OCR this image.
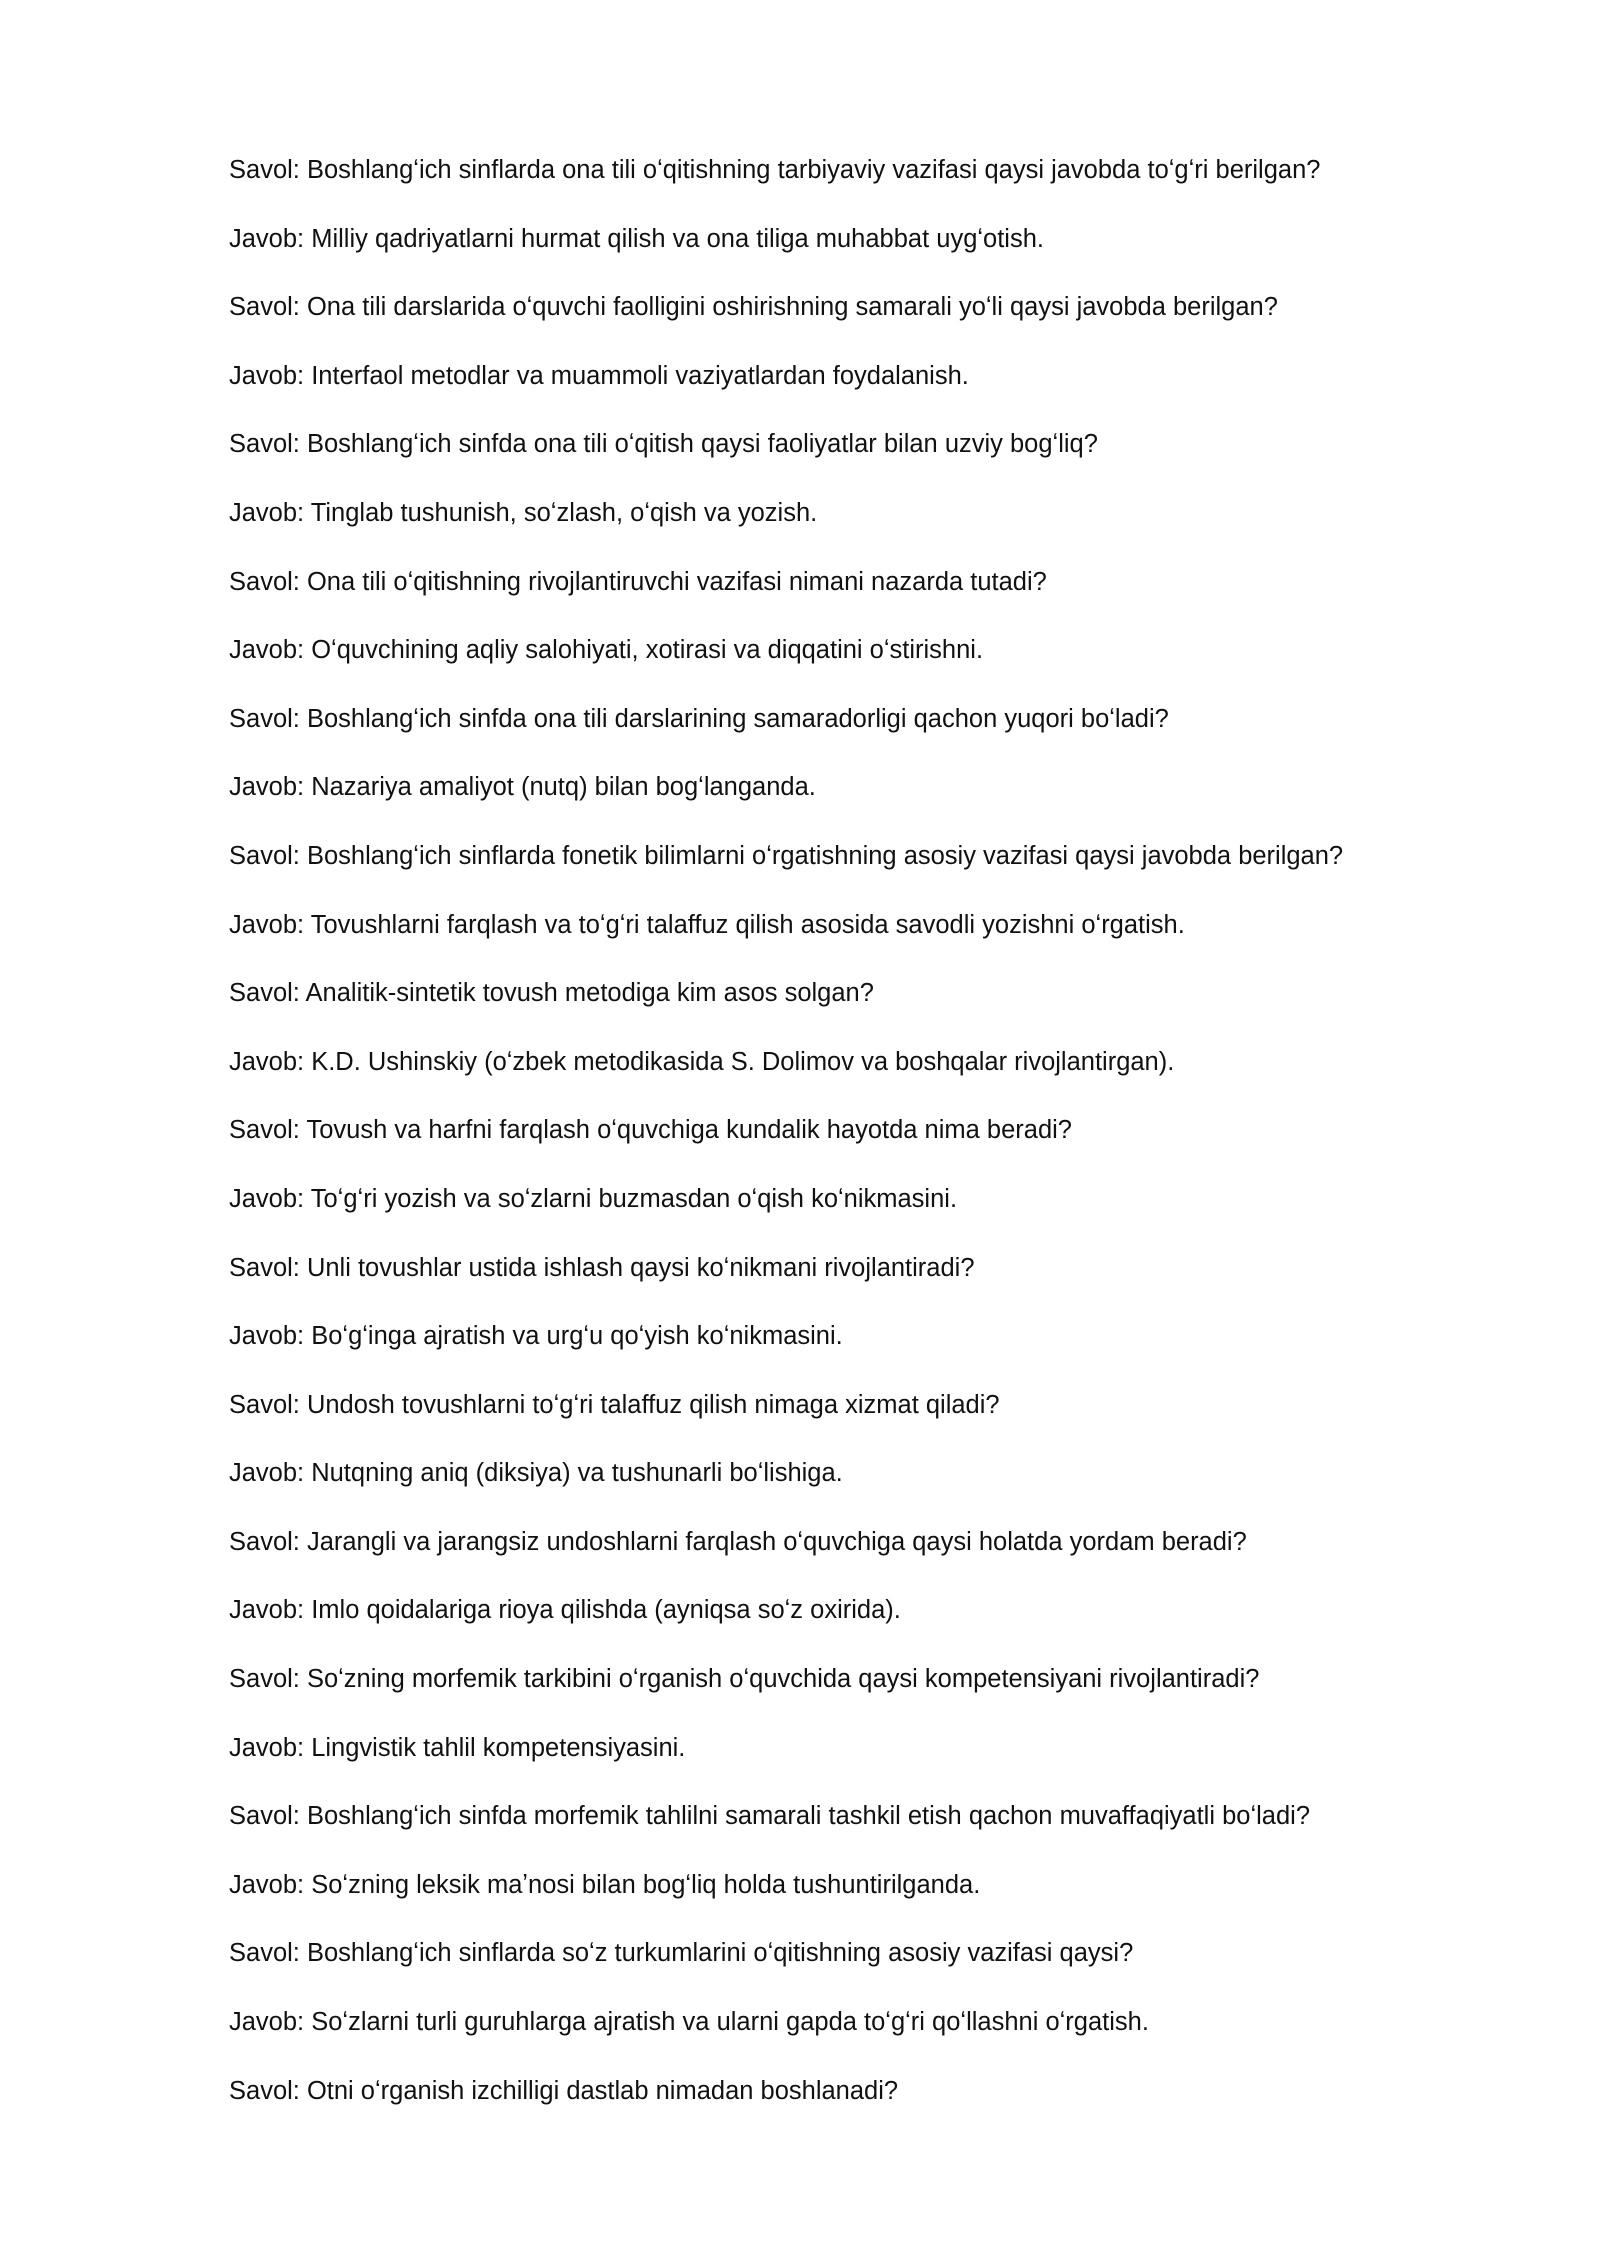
Savol: Boshlangʻich sinflarda ona tili oʻqitishning tarbiyaviy vazifasi qaysi javobda toʻgʻri berilgan?
Javob: Milliy qadriyatlarni hurmat qilish va ona tiliga muhabbat uygʻotish.
Savol: Ona tili darslarida oʻquvchi faolligini oshirishning samarali yoʻli qaysi javobda berilgan?
Javob: Interfaol metodlar va muammoli vaziyatlardan foydalanish.
Savol: Boshlangʻich sinfda ona tili oʻqitish qaysi faoliyatlar bilan uzviy bogʻliq?
Javob: Tinglab tushunish, soʻzlash, oʻqish va yozish.
Savol: Ona tili oʻqitishning rivojlantiruvchi vazifasi nimani nazarda tutadi?
Javob: Oʻquvchining aqliy salohiyati, xotirasi va diqqatini oʻstirishni.
Savol: Boshlangʻich sinfda ona tili darslarining samaradorligi qachon yuqori boʻladi?
Javob: Nazariya amaliyot (nutq) bilan bogʻlanganda.
Savol: Boshlangʻich sinflarda fonetik bilimlarni oʻrgatishning asosiy vazifasi qaysi javobda berilgan?
Javob: Tovushlarni farqlash va toʻgʻri talaffuz qilish asosida savodli yozishni oʻrgatish.
Savol: Analitik-sintetik tovush metodiga kim asos solgan?
Javob: K.D. Ushinskiy (oʻzbek metodikasida S. Dolimov va boshqalar rivojlantirgan).
Savol: Tovush va harfni farqlash oʻquvchiga kundalik hayotda nima beradi?
Javob: Toʻgʻri yozish va soʻzlarni buzmasdan oʻqish koʻnikmasini.
Savol: Unli tovushlar ustida ishlash qaysi koʻnikmani rivojlantiradi?
Javob: Boʻgʻinga ajratish va urgʻu qoʻyish koʻnikmasini.
Savol: Undosh tovushlarni toʻgʻri talaffuz qilish nimaga xizmat qiladi?
Javob: Nutqning aniq (diksiya) va tushunarli boʻlishiga.
Savol: Jarangli va jarangsiz undoshlarni farqlash oʻquvchiga qaysi holatda yordam beradi?
Javob: Imlo qoidalariga rioya qilishda (ayniqsa soʻz oxirida).
Savol: Soʻzning morfemik tarkibini oʻrganish oʻquvchida qaysi kompetensiyani rivojlantiradi?
Javob: Lingvistik tahlil kompetensiyasini.
Savol: Boshlangʻich sinfda morfemik tahlilni samarali tashkil etish qachon muvaffaqiyatli boʻladi?
Javob: Soʻzning leksik maʼnosi bilan bogʻliq holda tushuntirilganda.
Savol: Boshlangʻich sinflarda soʻz turkumlarini oʻqitishning asosiy vazifasi qaysi?
Javob: Soʻzlarni turli guruhlarga ajratish va ularni gapda toʻgʻri qoʻllashni oʻrgatish.
Savol: Otni oʻrganish izchilligi dastlab nimadan boshlanadi?
